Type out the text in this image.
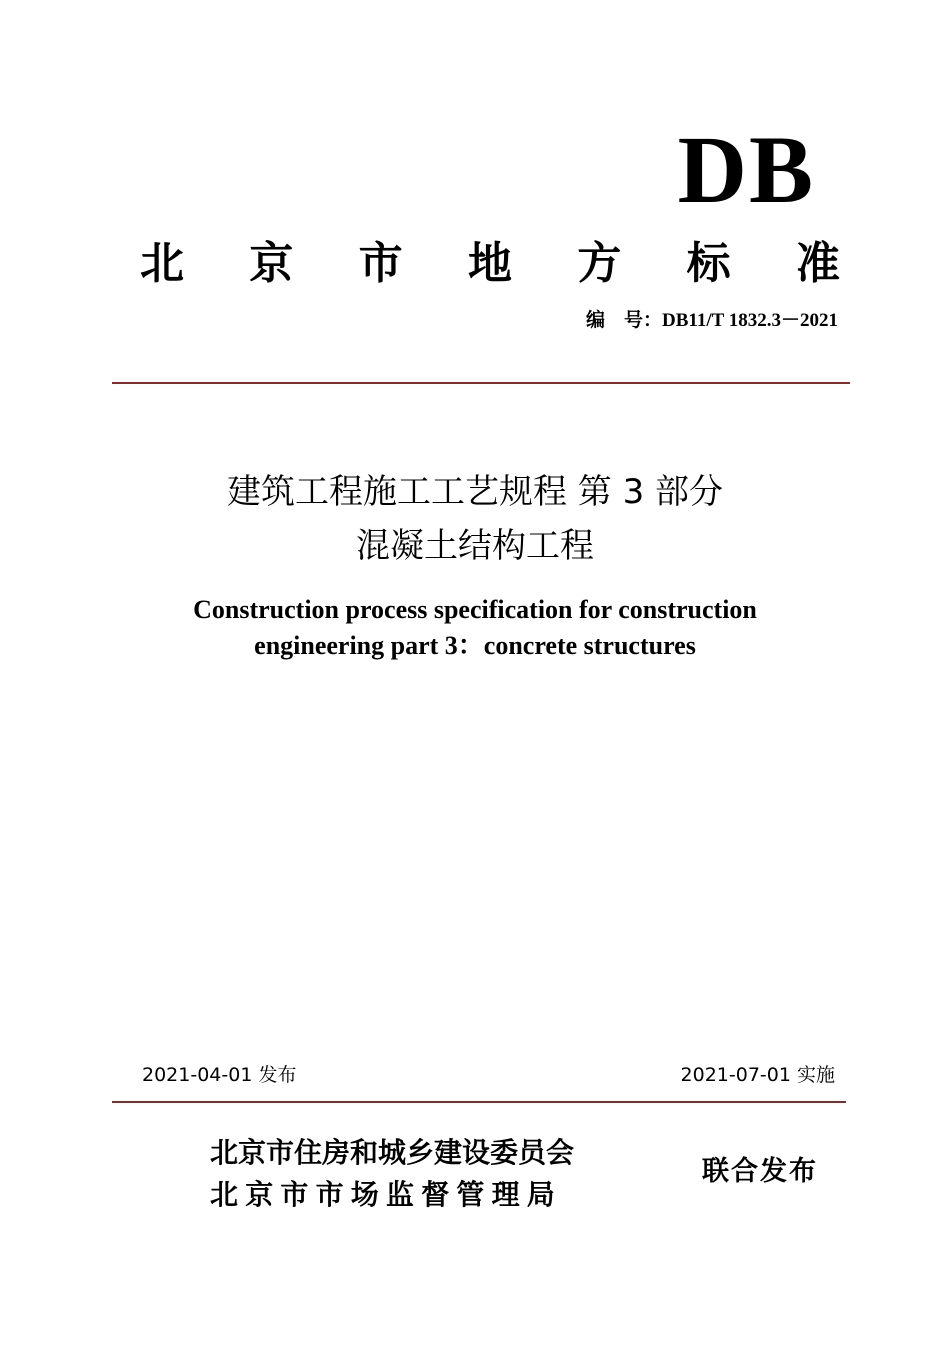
DB
北 京 市 地 方 标 准
编　号：DB11/T 1832.3－2021
建筑工程施工工艺规程 第 3 部分
混凝土结构工程
Construction process specification for construction
engineering part 3：concrete structures
2021-04-01 发布	2021-07-01 实施
北京市住房和城乡建设委员会
北京市市场监督管理局
联合发布
